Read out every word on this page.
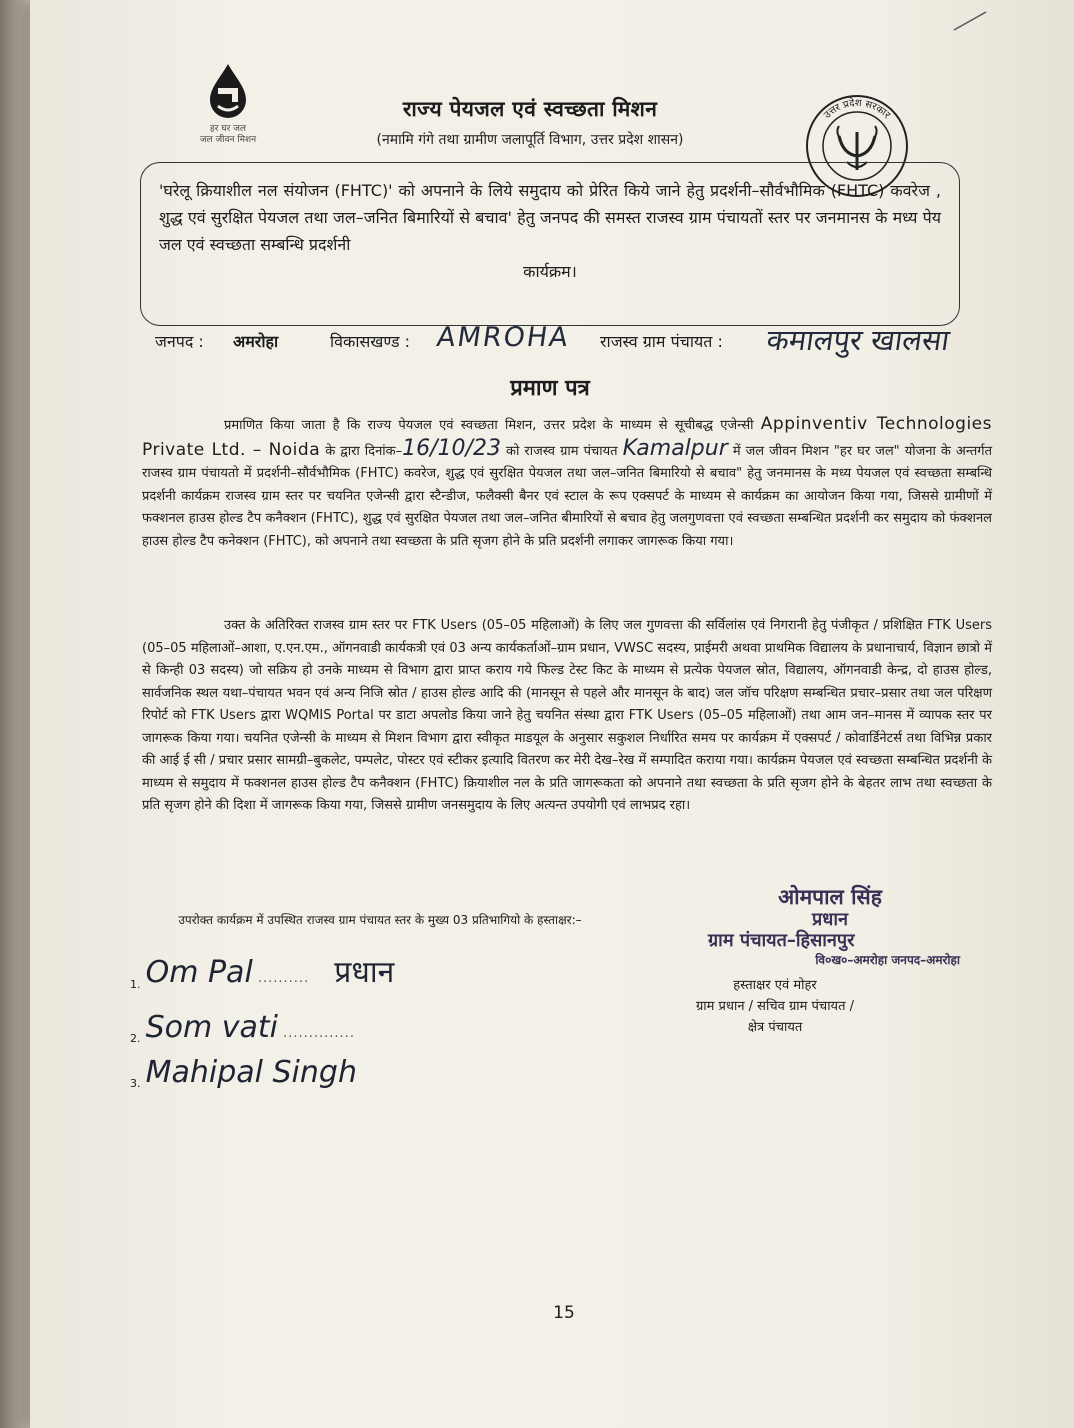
हर घर जल
जल जीवन मिशन
राज्य पेयजल एवं स्वच्छता मिशन
(नमामि गंगे तथा ग्रामीण जलापूर्ति विभाग, उत्तर प्रदेश शासन)
उत्तर प्रदेश सरकार
'घरेलू क्रियाशील नल संयोजन (FHTC)' को अपनाने के लिये समुदाय को प्रेरित किये जाने हेतु प्रदर्शनी–सौर्वभौमिक (FHTC) कवरेज , शुद्ध एवं सुरक्षित पेयजल तथा जल–जनित बिमारियों से बचाव' हेतु जनपद की समस्त राजस्व ग्राम पंचायतों स्तर पर जनमानस के मध्य पेय जल एवं स्वच्छता सम्बन्धि प्रदर्शनी
कार्यक्रम।
जनपद : अमरोहा	विकासखण्ड : AMROHA राजस्व ग्राम पंचायत : कमालपुर खालसा
प्रमाण पत्र

प्रमाणित किया जाता है कि राज्य पेयजल एवं स्वच्छता मिशन, उत्तर प्रदेश के माध्यम से सूचीबद्ध एजेन्सी Appinventiv Technologies Private Ltd. – Noida के द्वारा दिनांक–16/10/23 को राजस्व ग्राम पंचायत Kamalpur में जल जीवन मिशन "हर घर जल" योजना के अन्तर्गत राजस्व ग्राम पंचायतो में प्रदर्शनी–सौर्वभौमिक (FHTC) कवरेज, शुद्ध एवं सुरक्षित पेयजल तथा जल–जनित बिमारियो से बचाव" हेतु जनमानस के मध्य पेयजल एवं स्वच्छता सम्बन्धि प्रदर्शनी कार्यक्रम राजस्व ग्राम स्तर पर चयनित एजेन्सी द्वारा स्टैन्डीज, फलैक्सी बैनर एवं स्टाल के रूप एक्सपर्ट के माध्यम से कार्यक्रम का आयोजन किया गया, जिससे ग्रामीणों में फक्शनल हाउस होल्ड टैप कनैक्शन (FHTC), शुद्ध एवं सुरक्षित पेयजल तथा जल–जनित बीमारियों से बचाव हेतु जलगुणवत्ता एवं स्वच्छता सम्बन्धित प्रदर्शनी कर समुदाय को फंक्शनल हाउस होल्ड टैप कनेक्शन (FHTC), को अपनाने तथा स्वच्छता के प्रति सृजग होने के प्रति प्रदर्शनी लगाकर जागरूक किया गया।

उक्त के अतिरिक्त राजस्व ग्राम स्तर पर FTK Users (05–05 महिलाओं) के लिए जल गुणवत्ता की सर्विलांस एवं निगरानी हेतु पंजीकृत / प्रशिक्षित FTK Users (05–05 महिलाओं–आशा, ए.एन.एम., ऑगनवाडी कार्यकत्री एवं 03 अन्य कार्यकर्ताओं–ग्राम प्रधान, VWSC सदस्य, प्राईमरी अथवा प्राथमिक विद्यालय के प्रधानाचार्य, विज्ञान छात्रो में से किन्ही 03 सदस्य) जो सक्रिय हो उनके माध्यम से विभाग द्वारा प्राप्त कराय गये फिल्ड टेस्ट किट के माध्यम से प्रत्येक पेयजल स्रोत, विद्यालय, ऑगनवाडी केन्द्र, दो हाउस होल्ड, सार्वजनिक स्थल यथा–पंचायत भवन एवं अन्य निजि स्रोत / हाउस होल्ड आदि की (मानसून से पहले और मानसून के बाद) जल जॉच परिक्षण सम्बन्धित प्रचार–प्रसार तथा जल परिक्षण रिपोर्ट को FTK Users द्वारा WQMIS Portal पर डाटा अपलोड किया जाने हेतु चयनित संस्था द्वारा FTK Users (05–05 महिलाओं) तथा आम जन–मानस में व्यापक स्तर पर जागरूक किया गया। चयनित एजेन्सी के माध्यम से मिशन विभाग द्वारा स्वीकृत माडयूल के अनुसार सकुशल निर्धारित समय पर कार्यक्रम में एक्सपर्ट / कोवार्डिनेटर्स तथा विभिन्न प्रकार की आई ई सी / प्रचार प्रसार सामग्री–बुकलेट, पम्पलेट, पोस्टर एवं स्टीकर इत्यादि वितरण कर मेरी देख–रेख में सम्पादित कराया गया। कार्यक्रम पेयजल एवं स्वच्छता सम्बन्धित प्रदर्शनी के माध्यम से समुदाय में फक्शनल हाउस होल्ड टैप कनैक्शन (FHTC) क्रियाशील नल के प्रति जागरूकता को अपनाने तथा स्वच्छता के प्रति सृजग होने के बेहतर लाभ तथा स्वच्छता के प्रति सृजग होने की दिशा में जागरूक किया गया, जिससे ग्रामीण जनसमुदाय के लिए अत्यन्त उपयोगी एवं लाभप्रद रहा।

उपरोक्त कार्यक्रम में उपस्थित राजस्व ग्राम पंचायत स्तर के मुख्य 03 प्रतिभागियो के हस्ताक्षर:–
1. Om Pal .......... प्रधान
2. Som vati ..............
3. Mahipal Singh
ओमपाल सिंह
प्रधान
ग्राम पंचायत–हिसानपुर
वि०ख०–अमरोहा जनपद–अमरोहा
हस्ताक्षर एवं मोहर
ग्राम प्रधान / सचिव ग्राम पंचायत /
क्षेत्र पंचायत
15
